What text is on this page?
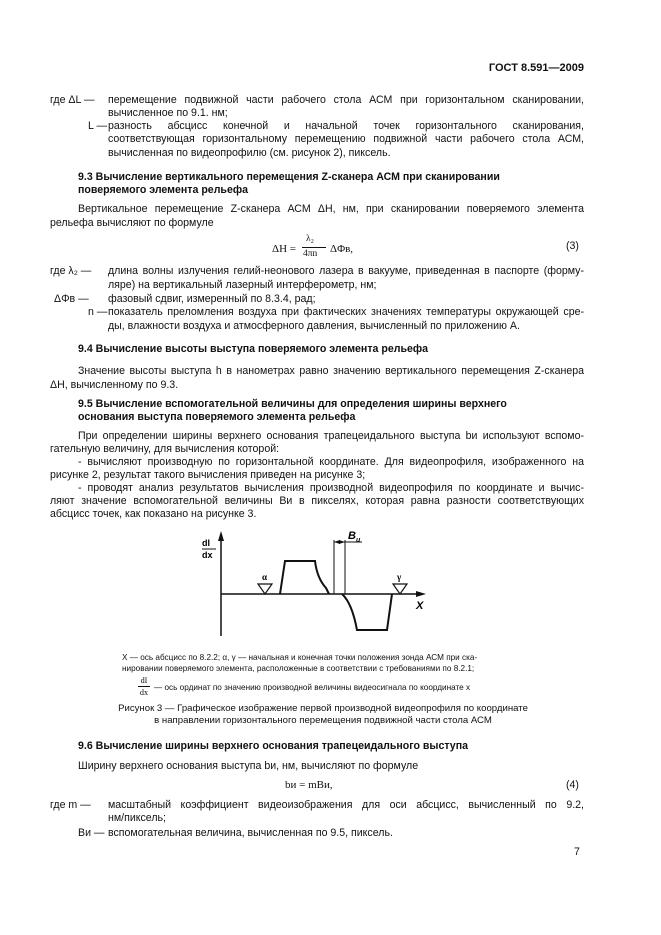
ГОСТ 8.591—2009
где ΔL — перемещение подвижной части рабочего стола АСМ при горизонтальном сканировании, вычисленное по 9.1. нм;
L — разность абсцисс конечной и начальной точек горизонтального сканирования, соответствующая горизонтальному перемещению подвижной части рабочего стола АСМ, вычисленная по видеопрофилю (см. рисунок 2), пиксель.
9.3 Вычисление вертикального перемещения Z-сканера АСМ при сканировании
поверяемого элемента рельефа
Вертикальное перемещение Z-сканера АСМ ΔH, нм, при сканировании поверяемого элемента
рельефа вычисляют по формуле
ΔH =
λ₂
4πn ΔΦв,	(3)
где λ₂ — длина волны излучения гелий-неонового лазера в вакууме, приведенная в паспорте (форму-
ляре) на вертикальный лазерный интерферометр, нм;
ΔΦв — фазовый сдвиг, измеренный по 8.3.4, рад;
n — показатель преломления воздуха при фактических значениях температуры окружающей сре-
ды, влажности воздуха и атмосферного давления, вычисленный по приложению А.
9.4 Вычисление высоты выступа поверяемого элемента рельефа
Значение высоты выступа h в нанометрах равно значению вертикального перемещения Z-сканера
ΔH, вычисленному по 9.3.
9.5 Вычисление вспомогательной величины для определения ширины верхнего
основания выступа поверяемого элемента рельефа
При определении ширины верхнего основания трапецеидального выступа bи используют вспомо-
гательную величину, для вычисления которой:
- вычисляют производную по горизонтальной координате. Для видеопрофиля, изображенного на
рисунке 2, результат такого вычисления приведен на рисунке 3;
- проводят анализ результатов вычисления производной видеопрофиля по координате и вычис-
ляют значение вспомогательной величины Bи в пикселях, которая равна разности соответствующих
абсцисс точек, как показано на рисунке 3.
dI
dx
X
$B_и$
α	γ
X — ось абсцисс по 8.2.2; α, γ — начальная и конечная точки положения зонда АСМ при ска-
нировании поверяемого элемента, расположенные в соответствии с требованиями по 8.2.1;
dI
dx
— ось ординат по значению производной величины видеосигнала по координате x
Рисунок 3 — Графическое изображение первой производной видеопрофиля по координате
в направлении горизонтального перемещения подвижной части стола АСМ
9.6 Вычисление ширины верхнего основания трапецеидального выступа
Ширину верхнего основания выступа bи, нм, вычисляют по формуле
bи = mBи,	(4)
где m — масштабный коэффициент видеоизображения для оси абсцисс, вычисленный по 9.2,
нм/пиксель;
Bи — вспомогательная величина, вычисленная по 9.5, пиксель.
7
